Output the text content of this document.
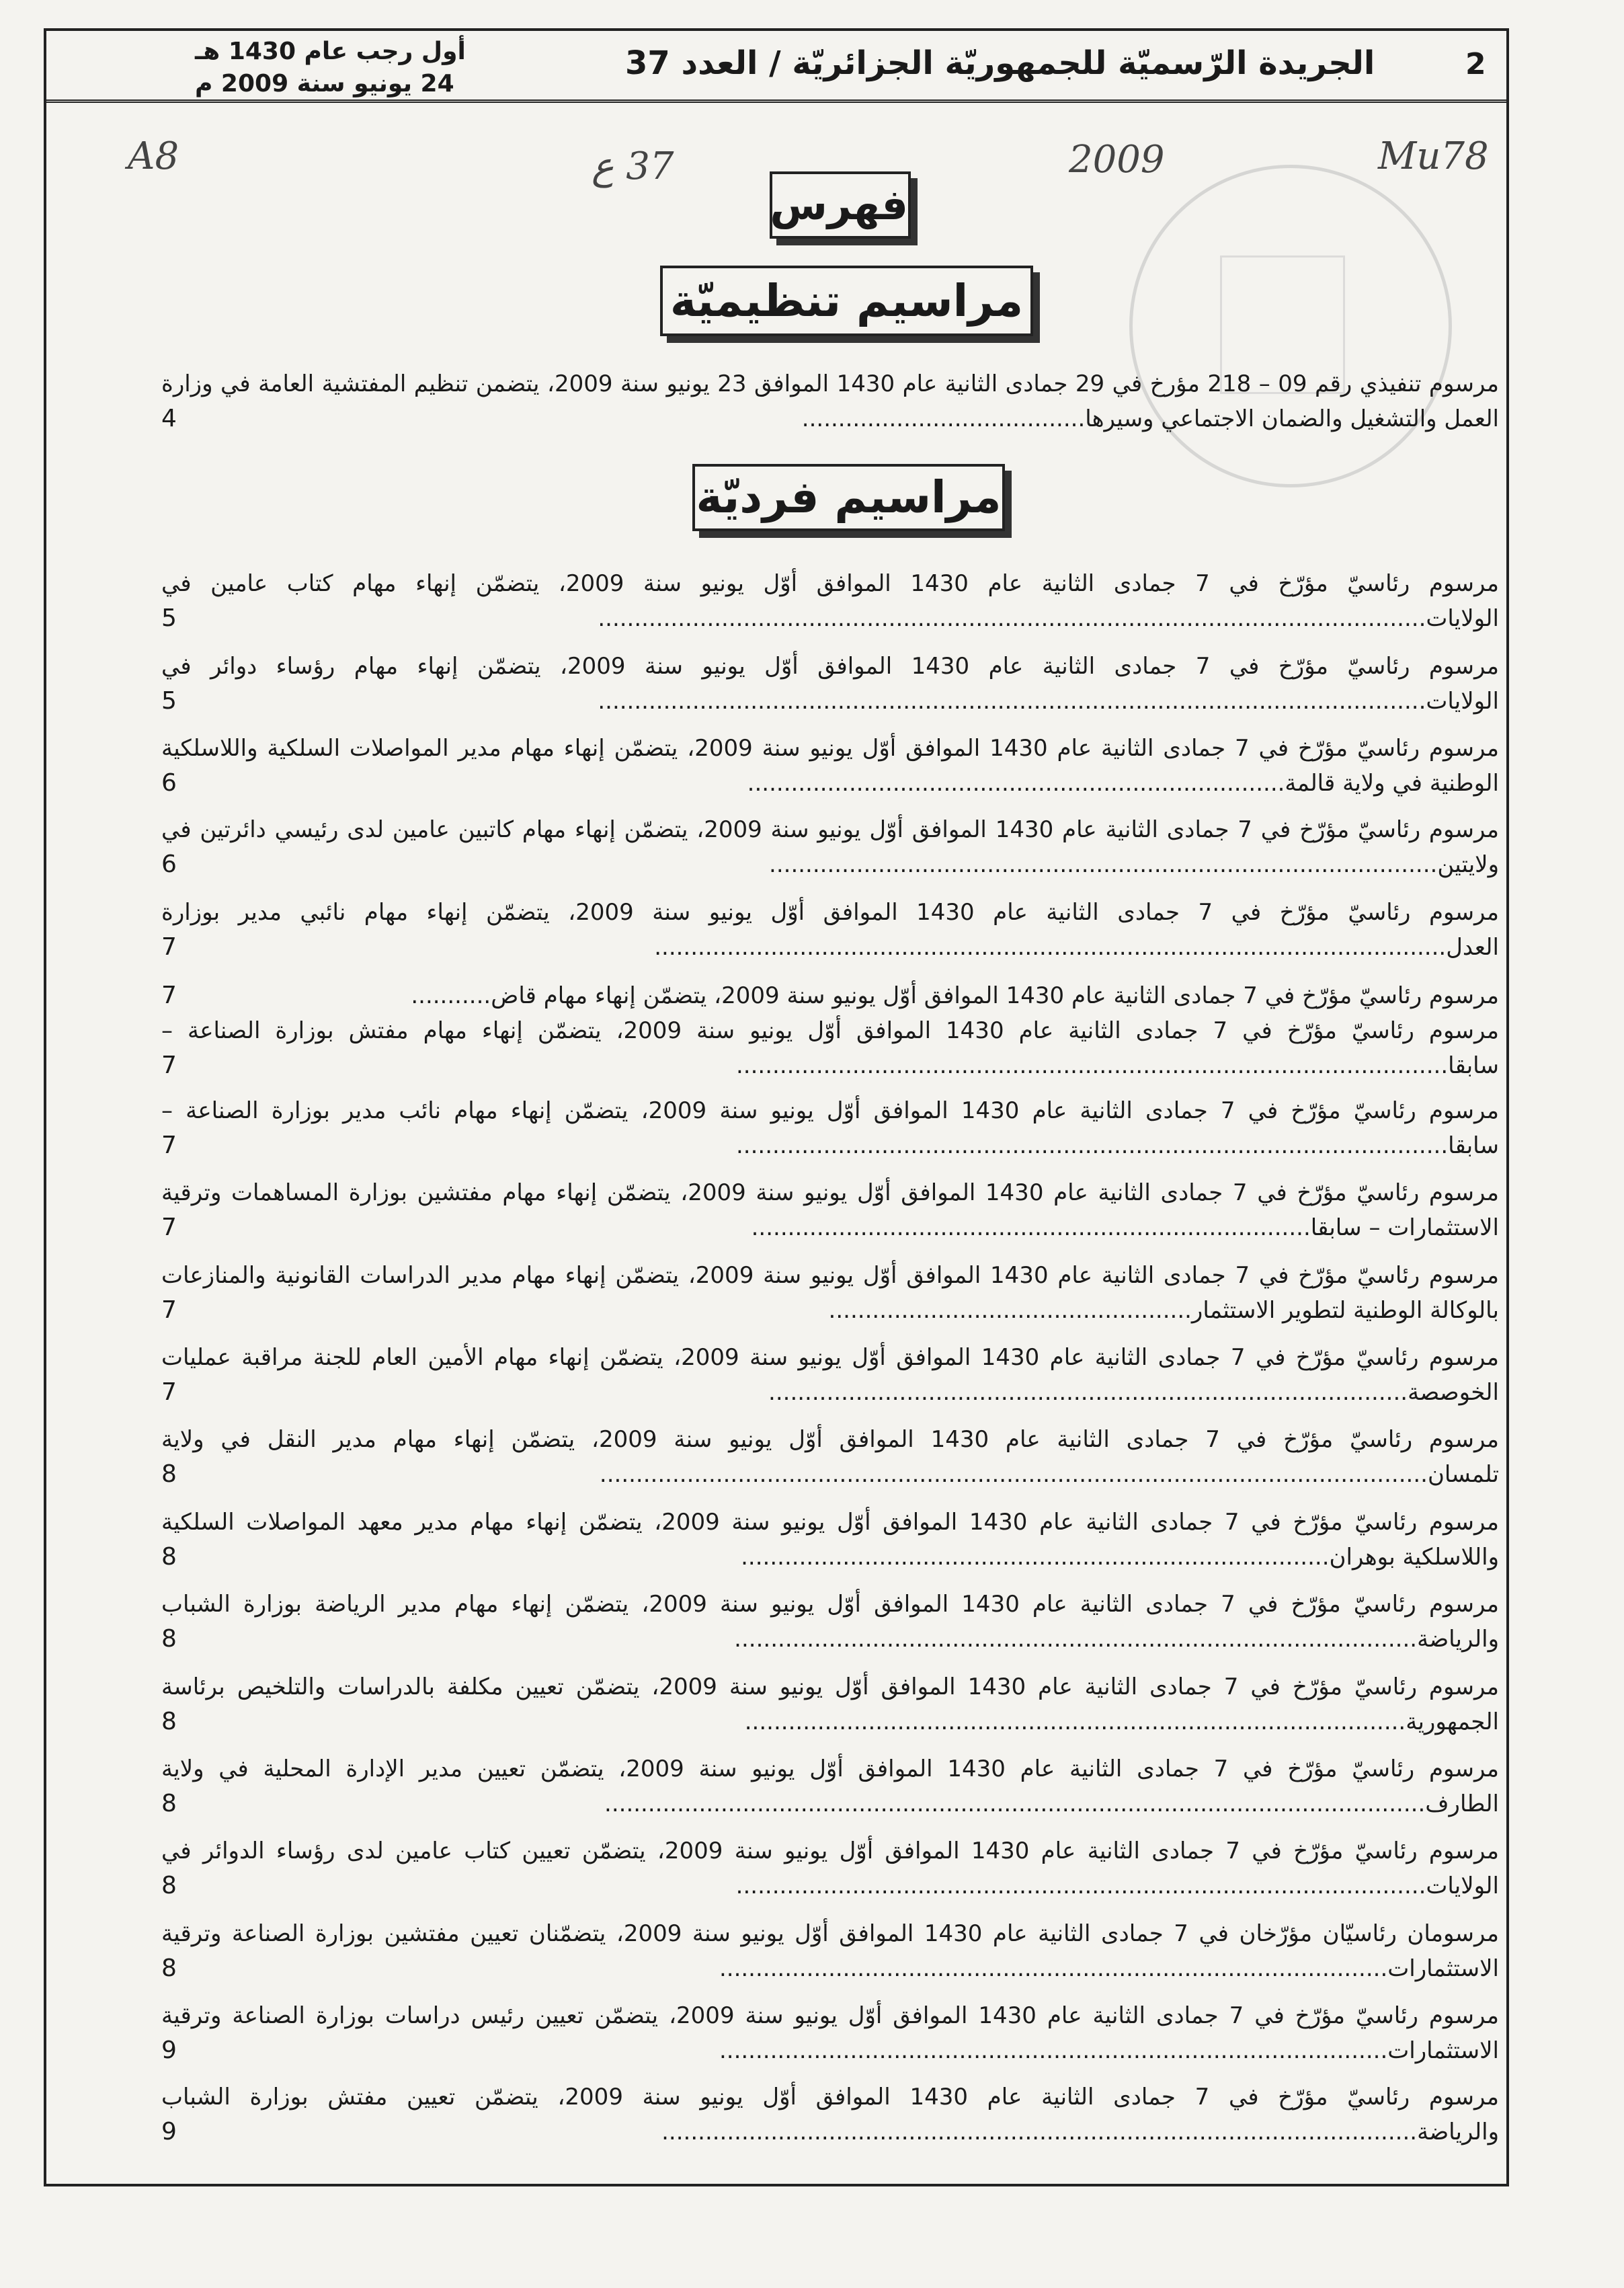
2
الجريدة الرّسميّة للجمهوريّة الجزائريّة / العدد 37
أول رجب عام 1430 هـ
24 يونيو سنة 2009 م
A8	37 ع	2009	Mu78
فهرس
مراسيم تنظيميّة
مراسيم فرديّة
مرسوم تنفيذي رقم 09 – 218 مؤرخ في 29 جمادى الثانية عام 1430 الموافق 23 يونيو سنة 2009، يتضمن تنظيم المفتشية العامة في وزارة العمل والتشغيل والضمان الاجتماعي وسيرها.......................................
4
مرسوم رئاسيّ مؤرّخ في 7 جمادى الثانية عام 1430 الموافق أوّل يونيو سنة 2009، يتضمّن إنهاء مهام كتاب عامين في الولايات..................................................................................................................
5
مرسوم رئاسيّ مؤرّخ في 7 جمادى الثانية عام 1430 الموافق أوّل يونيو سنة 2009، يتضمّن إنهاء مهام رؤساء دوائر في الولايات..................................................................................................................
5
مرسوم رئاسيّ مؤرّخ في 7 جمادى الثانية عام 1430 الموافق أوّل يونيو سنة 2009، يتضمّن إنهاء مهام مدير المواصلات السلكية واللاسلكية الوطنية في ولاية قالمة..........................................................................
6
مرسوم رئاسيّ مؤرّخ في 7 جمادى الثانية عام 1430 الموافق أوّل يونيو سنة 2009، يتضمّن إنهاء مهام كاتبين عامين لدى رئيسي دائرتين في ولايتين............................................................................................
6
مرسوم رئاسيّ مؤرّخ في 7 جمادى الثانية عام 1430 الموافق أوّل يونيو سنة 2009، يتضمّن إنهاء مهام نائبي مدير بوزارة العدل.............................................................................................................
7
مرسوم رئاسيّ مؤرّخ في 7 جمادى الثانية عام 1430 الموافق أوّل يونيو سنة 2009، يتضمّن إنهاء مهام قاض...........
7
مرسوم رئاسيّ مؤرّخ في 7 جمادى الثانية عام 1430 الموافق أوّل يونيو سنة 2009، يتضمّن إنهاء مهام مفتش بوزارة الصناعة – سابقا..................................................................................................
7
مرسوم رئاسيّ مؤرّخ في 7 جمادى الثانية عام 1430 الموافق أوّل يونيو سنة 2009، يتضمّن إنهاء مهام نائب مدير بوزارة الصناعة – سابقا..................................................................................................
7
مرسوم رئاسيّ مؤرّخ في 7 جمادى الثانية عام 1430 الموافق أوّل يونيو سنة 2009، يتضمّن إنهاء مهام مفتشين بوزارة المساهمات وترقية الاستثمارات – سابقا.............................................................................
7
مرسوم رئاسيّ مؤرّخ في 7 جمادى الثانية عام 1430 الموافق أوّل يونيو سنة 2009، يتضمّن إنهاء مهام مدير الدراسات القانونية والمنازعات بالوكالة الوطنية لتطوير الاستثمار..................................................
7
مرسوم رئاسيّ مؤرّخ في 7 جمادى الثانية عام 1430 الموافق أوّل يونيو سنة 2009، يتضمّن إنهاء مهام الأمين العام للجنة مراقبة عمليات الخوصصة........................................................................................
7
مرسوم رئاسيّ مؤرّخ في 7 جمادى الثانية عام 1430 الموافق أوّل يونيو سنة 2009، يتضمّن إنهاء مهام مدير النقل في ولاية تلمسان..................................................................................................................
8
مرسوم رئاسيّ مؤرّخ في 7 جمادى الثانية عام 1430 الموافق أوّل يونيو سنة 2009، يتضمّن إنهاء مهام مدير معهد المواصلات السلكية واللاسلكية بوهران.................................................................................
8
مرسوم رئاسيّ مؤرّخ في 7 جمادى الثانية عام 1430 الموافق أوّل يونيو سنة 2009، يتضمّن إنهاء مهام مدير الرياضة بوزارة الشباب والرياضة..............................................................................................
8
مرسوم رئاسيّ مؤرّخ في 7 جمادى الثانية عام 1430 الموافق أوّل يونيو سنة 2009، يتضمّن تعيين مكلفة بالدراسات والتلخيص برئاسة الجمهورية...........................................................................................
8
مرسوم رئاسيّ مؤرّخ في 7 جمادى الثانية عام 1430 الموافق أوّل يونيو سنة 2009، يتضمّن تعيين مدير الإدارة المحلية في ولاية الطارف.................................................................................................................
8
مرسوم رئاسيّ مؤرّخ في 7 جمادى الثانية عام 1430 الموافق أوّل يونيو سنة 2009، يتضمّن تعيين كتاب عامين لدى رؤساء الدوائر في الولايات...............................................................................................
8
مرسومان رئاسيّان مؤرّخان في 7 جمادى الثانية عام 1430 الموافق أوّل يونيو سنة 2009، يتضمّنان تعيين مفتشين بوزارة الصناعة وترقية الاستثمارات............................................................................................
8
مرسوم رئاسيّ مؤرّخ في 7 جمادى الثانية عام 1430 الموافق أوّل يونيو سنة 2009، يتضمّن تعيين رئيس دراسات بوزارة الصناعة وترقية الاستثمارات............................................................................................
9
مرسوم رئاسيّ مؤرّخ في 7 جمادى الثانية عام 1430 الموافق أوّل يونيو سنة 2009، يتضمّن تعيين مفتش بوزارة الشباب والرياضة........................................................................................................
9
